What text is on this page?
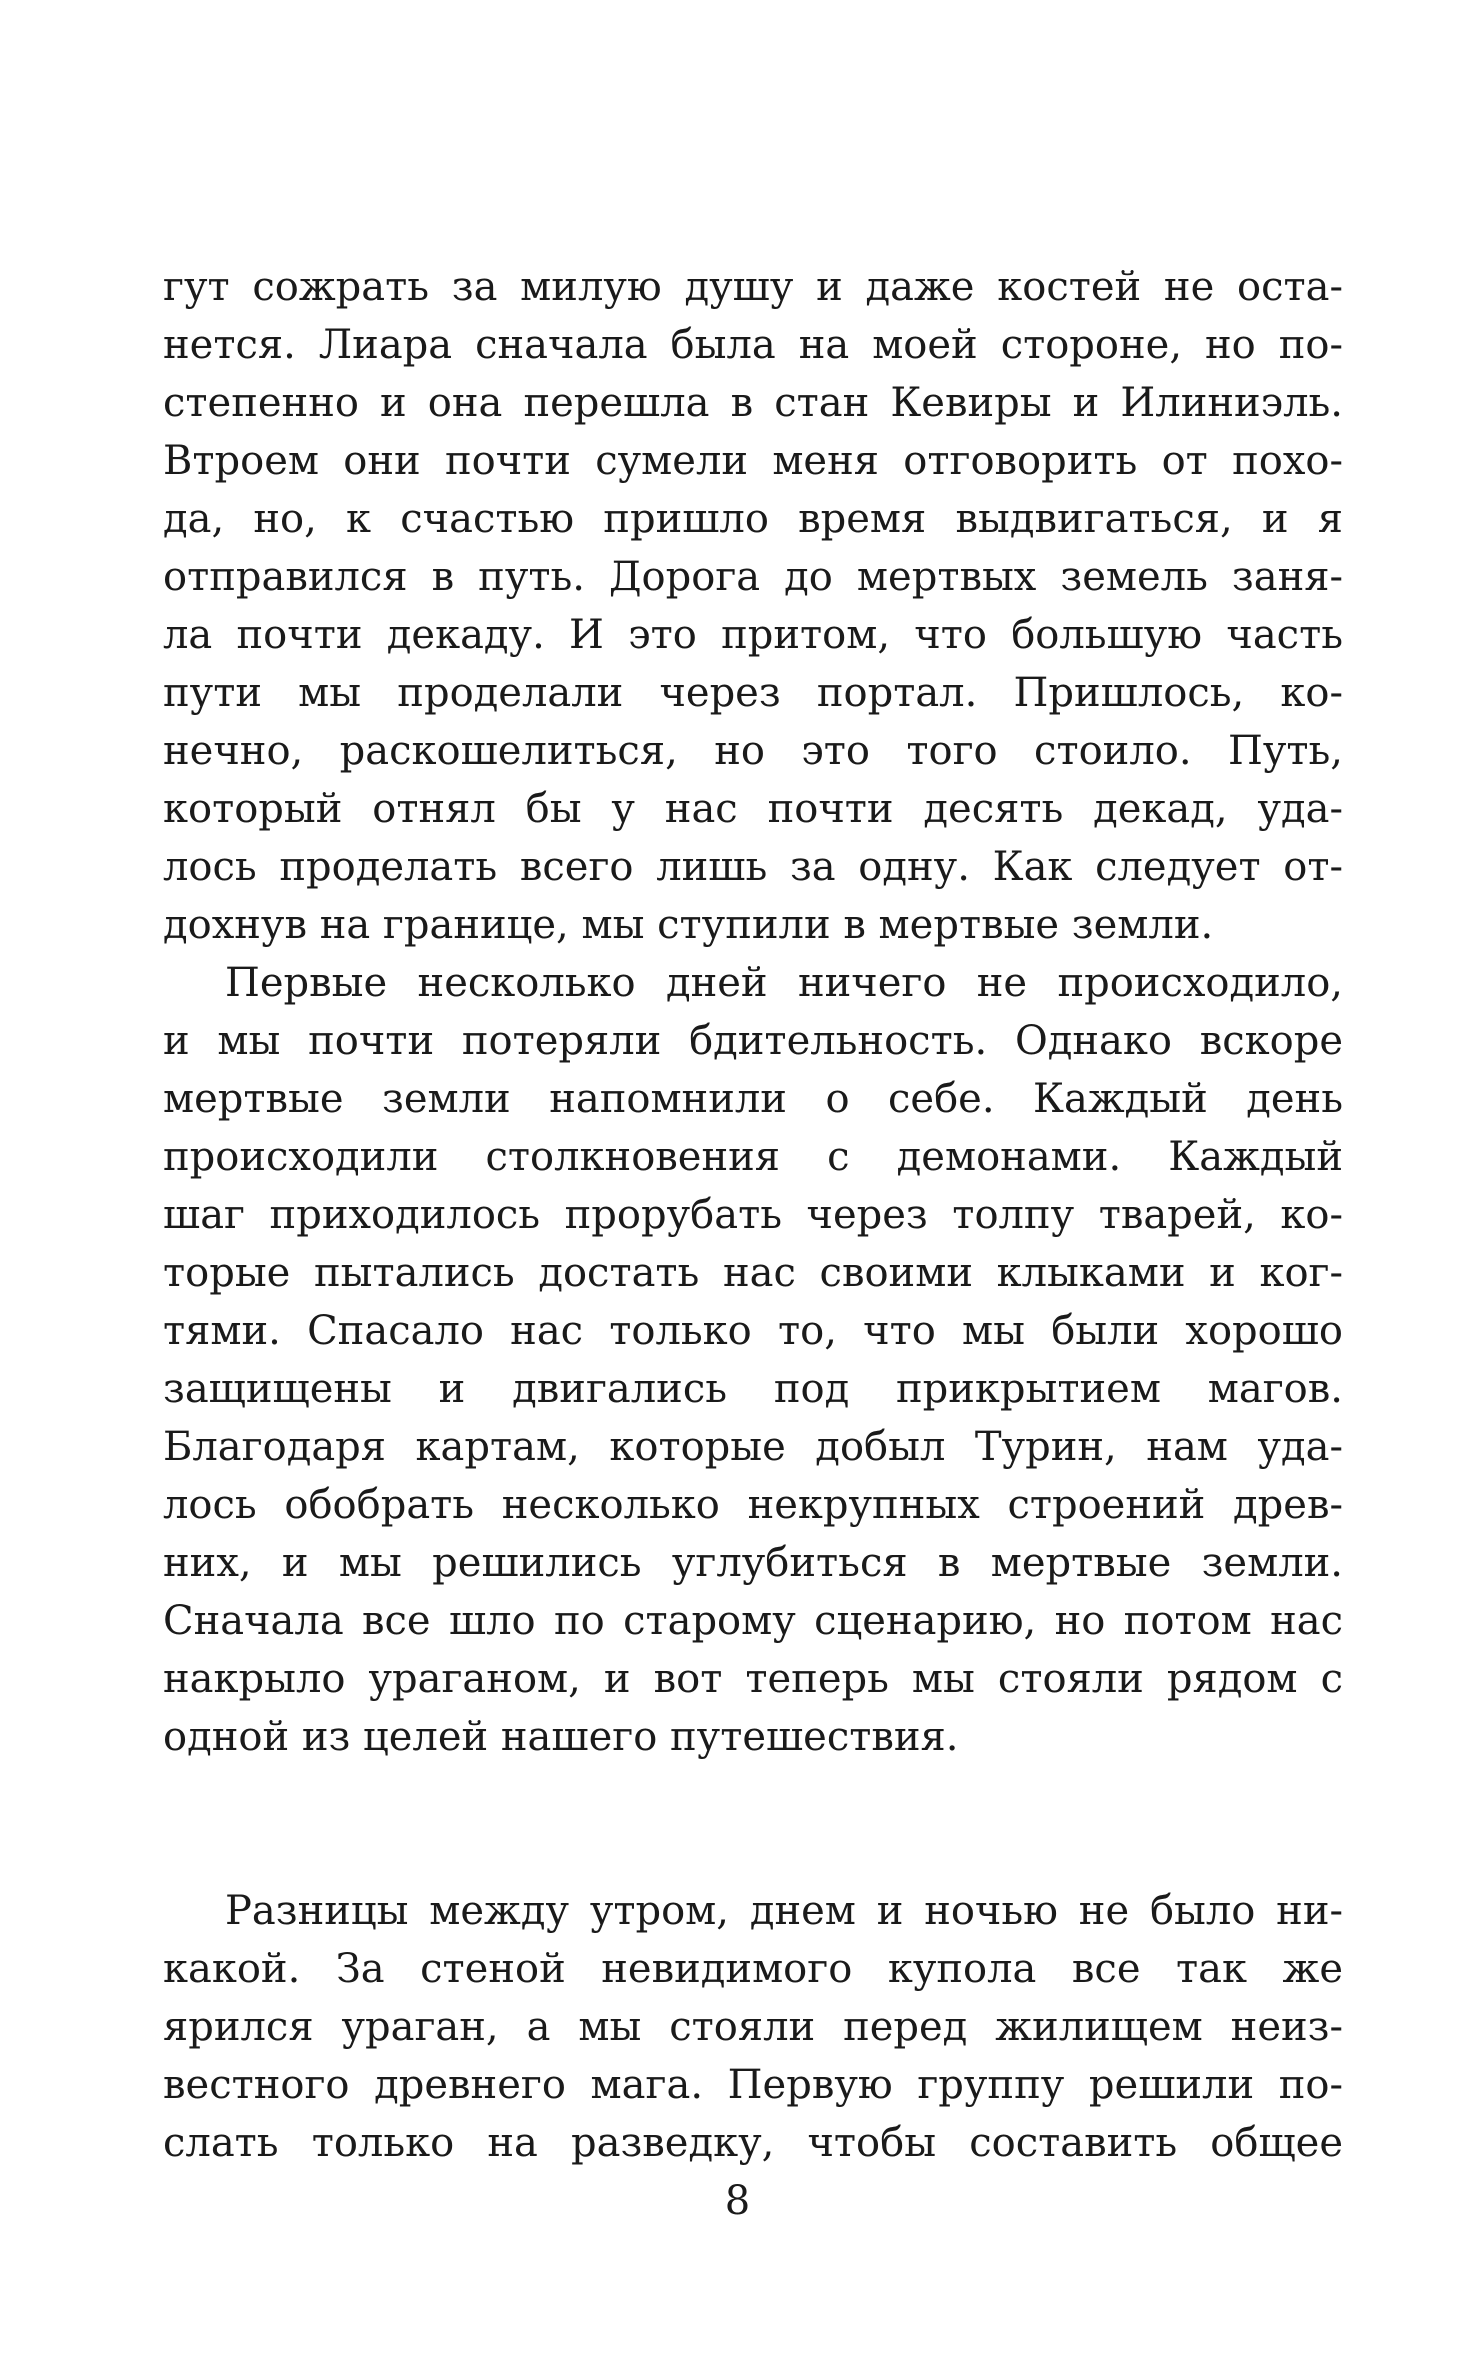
гут сожрать за милую душу и даже костей не оста-
нется. Лиара сначала была на моей стороне, но по-
степенно и она перешла в стан Кевиры и Илиниэль.
Втроем они почти сумели меня отговорить от похо-
да, но, к счастью пришло время выдвигаться, и я
отправился в путь. Дорога до мертвых земель заня-
ла почти декаду. И это притом, что большую часть
пути мы проделали через портал. Пришлось, ко-
нечно, раскошелиться, но это того стоило. Путь,
который отнял бы у нас почти десять декад, уда-
лось проделать всего лишь за одну. Как следует от-
дохнув на границе, мы ступили в мертвые земли.
Первые несколько дней ничего не происходило,
и мы почти потеряли бдительность. Однако вскоре
мертвые земли напомнили о себе. Каждый день
происходили столкновения с демонами. Каждый
шаг приходилось прорубать через толпу тварей, ко-
торые пытались достать нас своими клыками и ког-
тями. Спасало нас только то, что мы были хорошо
защищены и двигались под прикрытием магов.
Благодаря картам, которые добыл Турин, нам уда-
лось обобрать несколько некрупных строений древ-
них, и мы решились углубиться в мертвые земли.
Сначала все шло по старому сценарию, но потом нас
накрыло ураганом, и вот теперь мы стояли рядом с
одной из целей нашего путешествия.
Разницы между утром, днем и ночью не было ни-
какой. За стеной невидимого купола все так же
ярился ураган, а мы стояли перед жилищем неиз-
вестного древнего мага. Первую группу решили по-
слать только на разведку, чтобы составить общее
8
